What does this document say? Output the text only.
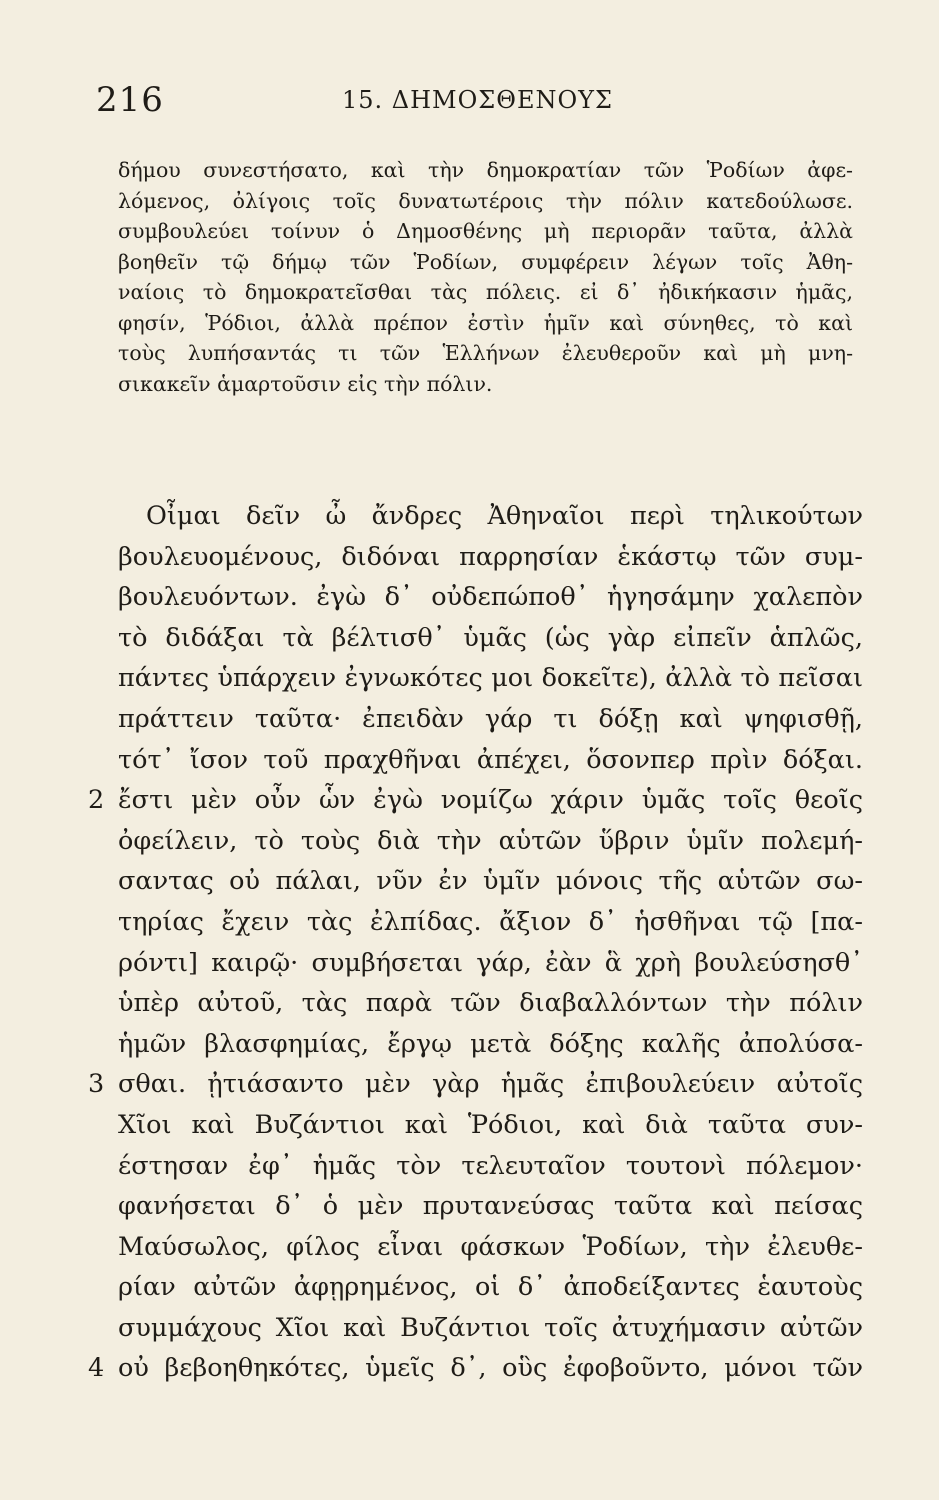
216	15. ΔΗΜΟΣΘΕΝΟΥΣ
δήμου συνεστήσατο, καὶ τὴν δημοκρατίαν τῶν Ῥοδίων ἀφε-
λόμενος, ὀλίγοις τοῖς δυνατωτέροις τὴν πόλιν κατεδούλωσε.
συμβουλεύει τοίνυν ὁ Δημοσθένης μὴ περιορᾶν ταῦτα, ἀλλὰ
βοηθεῖν τῷ δήμῳ τῶν Ῥοδίων, συμφέρειν λέγων τοῖς Ἀθη-
ναίοις τὸ δημοκρατεῖσθαι τὰς πόλεις. εἰ δ᾽ ἠδικήκασιν ἡμᾶς,
φησίν, Ῥόδιοι, ἀλλὰ πρέπον ἐστὶν ἡμῖν καὶ σύνηθες, τὸ καὶ
τοὺς λυπήσαντάς τι τῶν Ἑλλήνων ἐλευθεροῦν καὶ μὴ μνη-
σικακεῖν ἁμαρτοῦσιν εἰς τὴν πόλιν.
Οἶμαι δεῖν ὦ ἄνδρες Ἀθηναῖοι περὶ τηλικούτων
βουλευομένους, διδόναι παρρησίαν ἑκάστῳ τῶν συμ-
βουλευόντων. ἐγὼ δ᾽ οὐδεπώποθ᾽ ἡγησάμην χαλεπὸν
τὸ διδάξαι τὰ βέλτισθ᾽ ὑμᾶς (ὡς γὰρ εἰπεῖν ἁπλῶς,
πάντες ὑπάρχειν ἐγνωκότες μοι δοκεῖτε), ἀλλὰ τὸ πεῖσαι
πράττειν ταῦτα· ἐπειδὰν γάρ τι δόξῃ καὶ ψηφισθῇ,
τότ᾽ ἴσον τοῦ πραχθῆναι ἀπέχει, ὅσονπερ πρὶν δόξαι.
2 ἔστι μὲν οὖν ὧν ἐγὼ νομίζω χάριν ὑμᾶς τοῖς θεοῖς
ὀφείλειν, τὸ τοὺς διὰ τὴν αὑτῶν ὕβριν ὑμῖν πολεμή-
σαντας οὐ πάλαι, νῦν ἐν ὑμῖν μόνοις τῆς αὑτῶν σω-
τηρίας ἔχειν τὰς ἐλπίδας. ἄξιον δ᾽ ἡσθῆναι τῷ [πα-
ρόντι] καιρῷ· συμβήσεται γάρ, ἐὰν ἃ χρὴ βουλεύσησθ᾽
ὑπὲρ αὐτοῦ, τὰς παρὰ τῶν διαβαλλόντων τὴν πόλιν
ἡμῶν βλασφημίας, ἔργῳ μετὰ δόξης καλῆς ἀπολύσα-
3 σθαι. ᾐτιάσαντο μὲν γὰρ ἡμᾶς ἐπιβουλεύειν αὐτοῖς
Χῖοι καὶ Βυζάντιοι καὶ Ῥόδιοι, καὶ διὰ ταῦτα συν-
έστησαν ἐφ᾽ ἡμᾶς τὸν τελευταῖον τουτονὶ πόλεμον·
φανήσεται δ᾽ ὁ μὲν πρυτανεύσας ταῦτα καὶ πείσας
Μαύσωλος, φίλος εἶναι φάσκων Ῥοδίων, τὴν ἐλευθε-
ρίαν αὐτῶν ἀφῃρημένος, οἱ δ᾽ ἀποδείξαντες ἑαυτοὺς
συμμάχους Χῖοι καὶ Βυζάντιοι τοῖς ἀτυχήμασιν αὐτῶν
4 οὐ βεβοηθηκότες, ὑμεῖς δ᾽, οὓς ἐφοβοῦντο, μόνοι τῶν
